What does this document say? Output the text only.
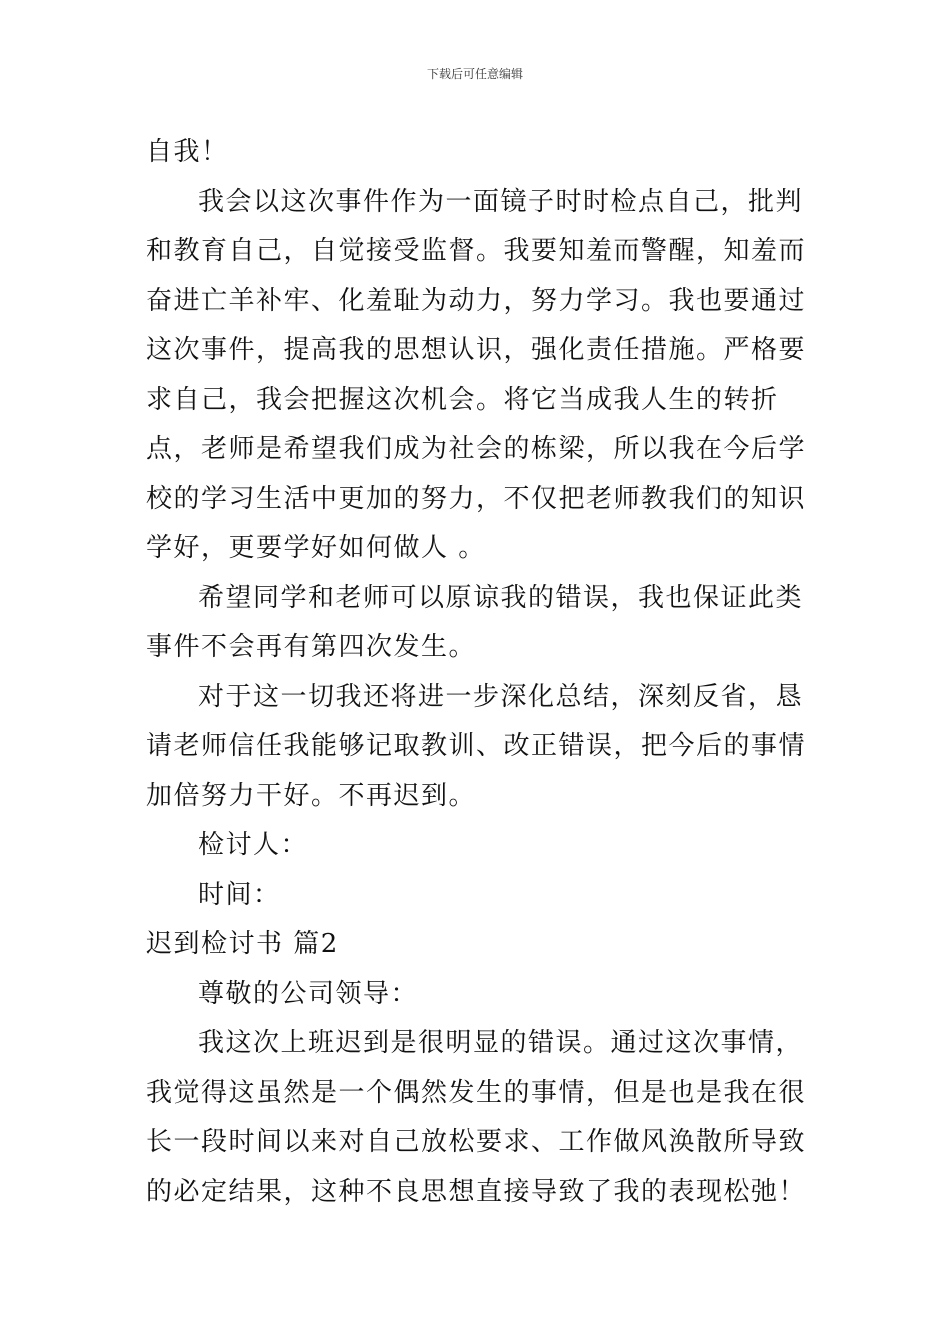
下载后可任意编辑

自我！

我会以这次事件作为一面镜子时时检点自己，批判和教育自己，自觉接受监督。我要知羞而警醒，知羞而奋进亡羊补牢、化羞耻为动力，努力学习。我也要通过这次事件，提高我的思想认识，强化责任措施。严格要求自己，我会把握这次机会。将它当成我人生的转折点，老师是希望我们成为社会的栋梁，所以我在今后学校的学习生活中更加的努力，不仅把老师教我们的知识学好，更要学好如何做人 。

希望同学和老师可以原谅我的错误，我也保证此类事件不会再有第四次发生。

对于这一切我还将进一步深化总结，深刻反省，恳请老师信任我能够记取教训、改正错误，把今后的事情加倍努力干好。不再迟到。

检讨人：

时间：

迟到检讨书 篇2

尊敬的公司领导：

我这次上班迟到是很明显的错误。通过这次事情，我觉得这虽然是一个偶然发生的事情，但是也是我在很长一段时间以来对自己放松要求、工作做风涣散所导致的必定结果，这种不良思想直接导致了我的表现松弛！
